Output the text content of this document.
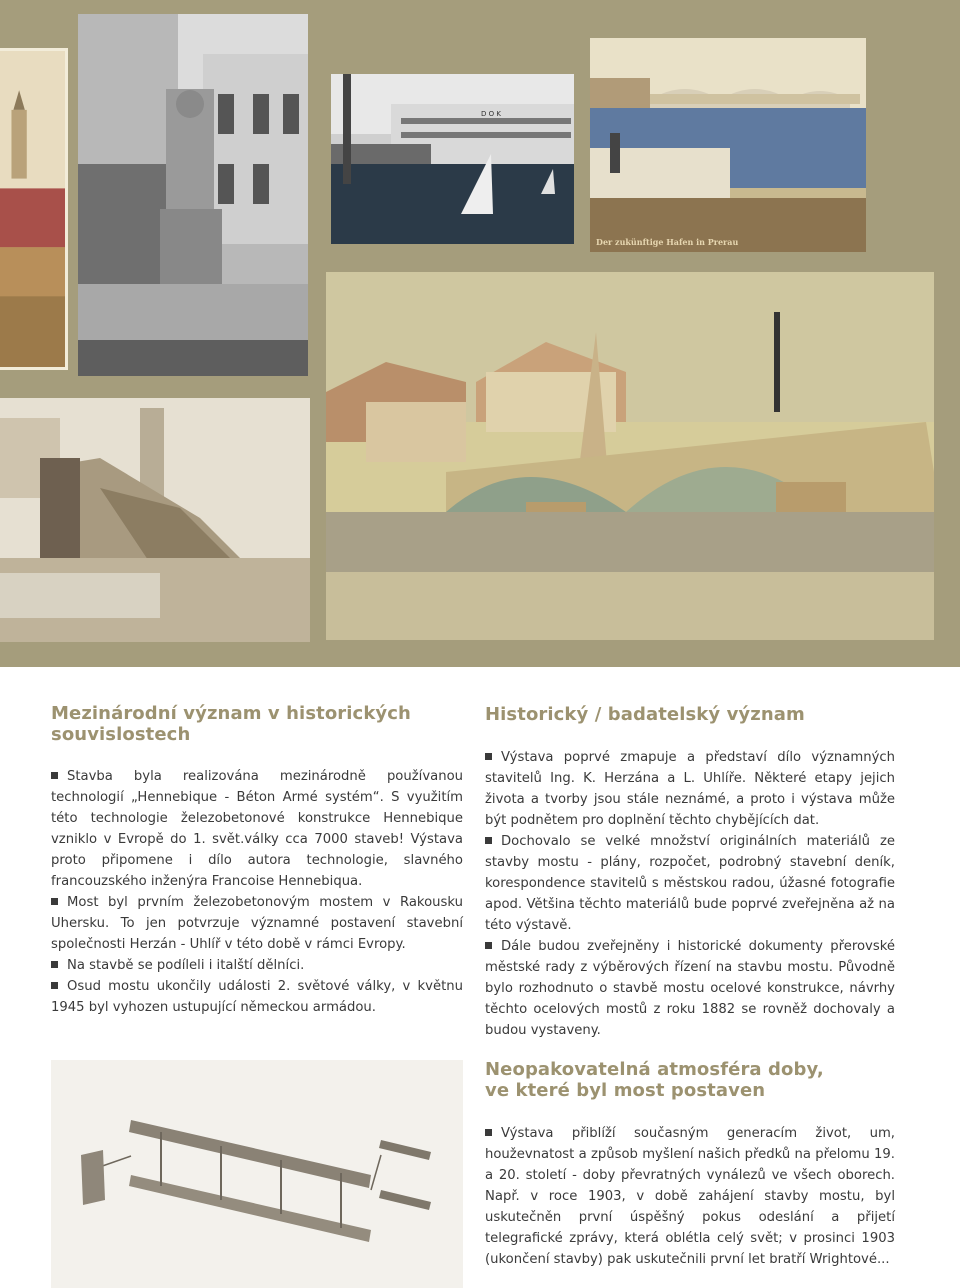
D O K
Der zukünftige Hafen in Prerau
Mezinárodní význam v historických
souvislostech

Stavba byla realizována mezinárodně používanou technologií „Hennebique - Béton Armé systém“. S využitím této technologie železobetonové konstrukce Hennebique vzniklo v Evropě do 1. svět.války cca 7000 staveb! Výstava proto připomene i dílo autora technologie, slavného francouzského inženýra Francoise Hennebiqua.

Most byl prvním železobetonovým mostem v Rakousku Uhersku. To jen potvrzuje významné postavení stavební společnosti Herzán - Uhlíř v této době v rámci Evropy.

Na stavbě se podíleli i italští dělníci.

Osud mostu ukončily události 2. světové války, v květnu 1945 byl vyhozen ustupující německou armádou.

Historický / badatelský význam

Výstava poprvé zmapuje a představí dílo významných stavitelů Ing. K. Herzána a L. Uhlíře. Některé etapy jejich života a tvorby jsou stále neznámé, a proto i výstava může být podnětem pro doplnění těchto chybějících dat.

Dochovalo se velké množství originálních materiálů ze stavby mostu - plány, rozpočet, podrobný stavební deník, korespondence stavitelů s městskou radou, úžasné fotografie apod. Většina těchto materiálů bude poprvé zveřejněna až na této výstavě.

Dále budou zveřejněny i historické dokumenty přerovské městské rady z výběrových řízení na stavbu mostu. Původně bylo rozhodnuto o stavbě mostu ocelové konstrukce, návrhy těchto ocelových mostů z roku 1882 se rovněž dochovaly a budou vystaveny.

Neopakovatelná atmosféra doby,
ve které byl most postaven

Výstava přiblíží současným generacím život, um, houževnatost a způsob myšlení našich předků na přelomu 19. a 20. století - doby převratných vynálezů ve všech oborech. Např. v roce 1903, v době zahájení stavby mostu, byl uskutečněn první úspěšný pokus odeslání a přijetí telegrafické zprávy, která oblétla celý svět; v prosinci 1903 (ukončení stavby) pak uskutečnili první let bratří Wrightové...
